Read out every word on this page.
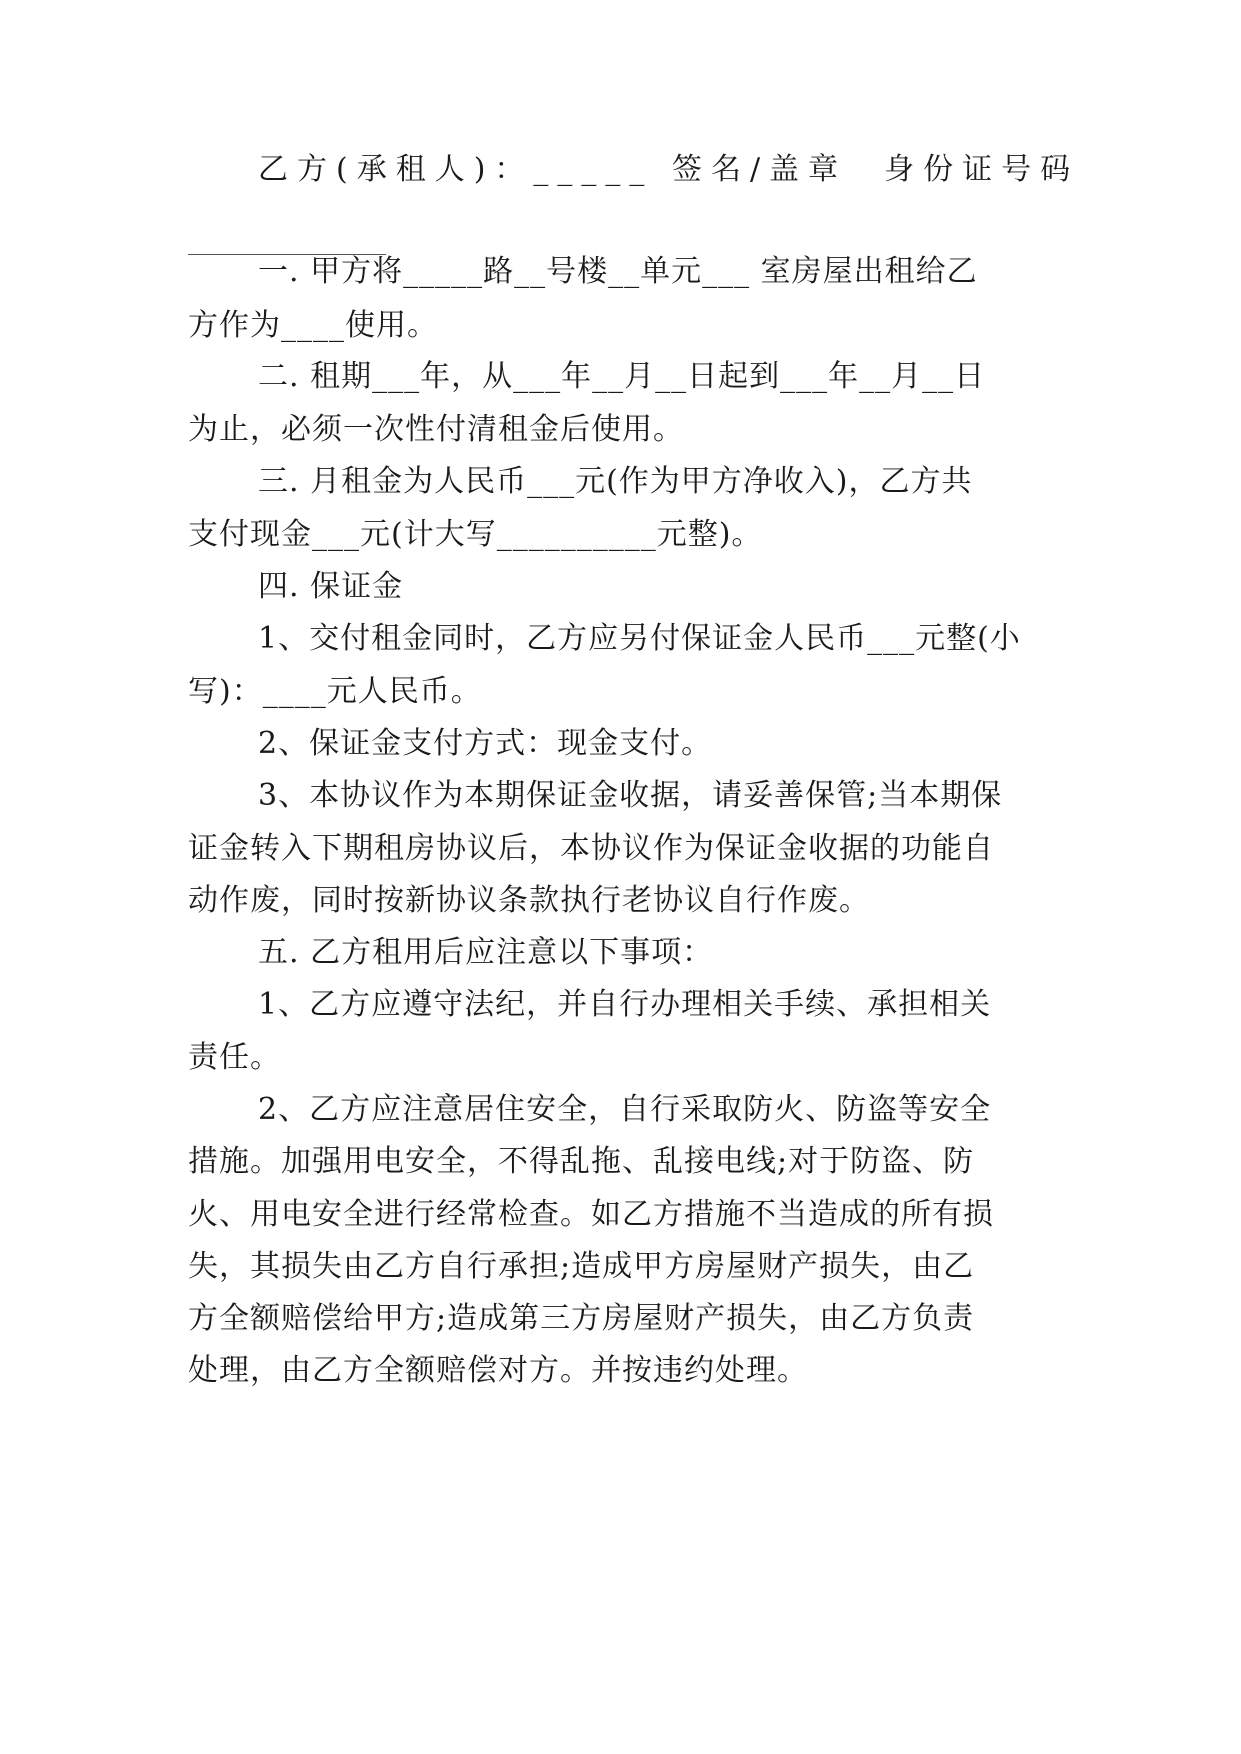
乙方(承租人)：_____ 签名/盖章  身份证号码
一. 甲方将_____路__号楼__单元___ 室房屋出租给乙
方作为____使用。
二. 租期___年，从___年__月__日起到___年__月__日
为止，必须一次性付清租金后使用。
三. 月租金为人民币___元(作为甲方净收入)，乙方共
支付现金___元(计大写__________元整)。
四. 保证金
1、交付租金同时，乙方应另付保证金人民币___元整(小
写)：____元人民币。
2、保证金支付方式：现金支付。
3、本协议作为本期保证金收据，请妥善保管;当本期保
证金转入下期租房协议后，本协议作为保证金收据的功能自
动作废，同时按新协议条款执行老协议自行作废。
五. 乙方租用后应注意以下事项：
1、乙方应遵守法纪，并自行办理相关手续、承担相关
责任。
2、乙方应注意居住安全，自行采取防火、防盗等安全
措施。加强用电安全，不得乱拖、乱接电线;对于防盗、防
火、用电安全进行经常检查。如乙方措施不当造成的所有损
失，其损失由乙方自行承担;造成甲方房屋财产损失，由乙
方全额赔偿给甲方;造成第三方房屋财产损失，由乙方负责
处理，由乙方全额赔偿对方。并按违约处理。
